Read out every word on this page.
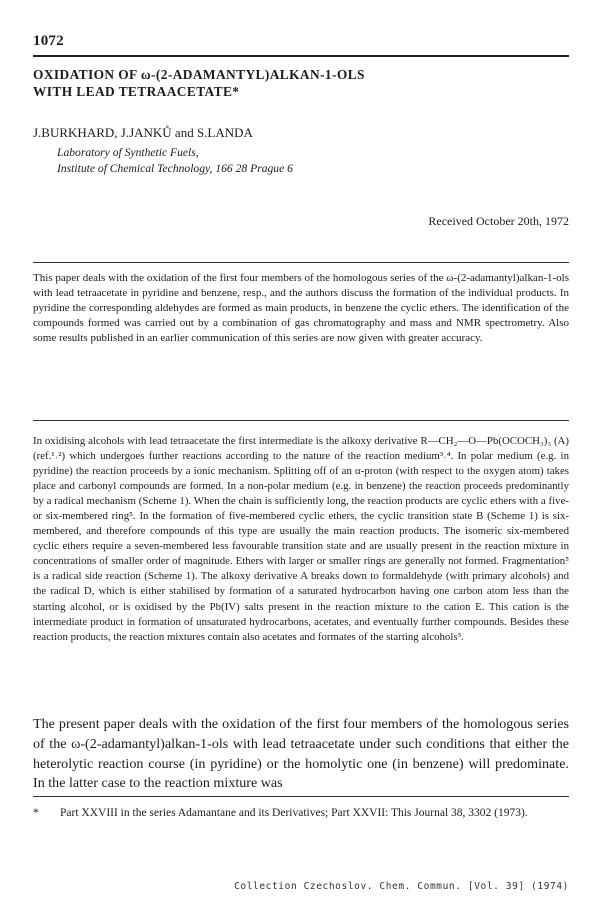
1072
OXIDATION OF ω-(2-ADAMANTYL)ALKAN-1-OLS
WITH LEAD TETRAACETATE*
J.BURKHARD, J.JANKŮ and S.LANDA
Laboratory of Synthetic Fuels,
Institute of Chemical Technology, 166 28 Prague 6
Received October 20th, 1972

This paper deals with the oxidation of the first four members of the homologous series of the ω-(2-adamantyl)alkan-1-ols with lead tetraacetate in pyridine and benzene, resp., and the authors discuss the formation of the individual products. In pyridine the corresponding aldehydes are formed as main products, in benzene the cyclic ethers. The identification of the compounds formed was carried out by a combination of gas chromatography and mass and NMR spectrometry. Also some results published in an earlier communication of this series are now given with greater accuracy.

In oxidising alcohols with lead tetraacetate the first intermediate is the alkoxy derivative R—CH₂—O—Pb(OCOCH₃)₃ (A) (ref.¹˒²) which undergoes further reactions according to the nature of the reaction medium³˒⁴. In polar medium (e.g. in pyridine) the reaction proceeds by a ionic mechanism. Splitting off of an α-proton (with respect to the oxygen atom) takes place and carbonyl compounds are formed. In a non-polar medium (e.g. in benzene) the reaction proceeds predominantly by a radical mechanism (Scheme 1). When the chain is sufficiently long, the reaction products are cyclic ethers with a five- or six-membered ring⁵. In the formation of five-membered cyclic ethers, the cyclic transition state B (Scheme 1) is six-membered, and therefore compounds of this type are usually the main reaction products. The isomeric six-membered cyclic ethers require a seven-membered less favourable transition state and are usually present in the reaction mixture in concentrations of smaller order of magnitude. Ethers with larger or smaller rings are generally not formed. Fragmentation⁵ is a radical side reaction (Scheme 1). The alkoxy derivative A breaks down to formaldehyde (with primary alcohols) and the radical D, which is either stabilised by formation of a saturated hydrocarbon having one carbon atom less than the starting alcohol, or is oxidised by the Pb(IV) salts present in the reaction mixture to the cation E. This cation is the intermediate product in formation of unsaturated hydrocarbons, acetates, and eventually further compounds. Besides these reaction products, the reaction mixtures contain also acetates and formates of the starting alcohols³.

The present paper deals with the oxidation of the first four members of the homologous series of the ω-(2-adamantyl)alkan-1-ols with lead tetraacetate under such conditions that either the heterolytic reaction course (in pyridine) or the homolytic one (in benzene) will predominate. In the latter case to the reaction mixture was

* Part XXVIII in the series Adamantane and its Derivatives; Part XXVII: This Journal 38, 3302 (1973).
Collection Czechoslov. Chem. Commun. [Vol. 39] (1974)
